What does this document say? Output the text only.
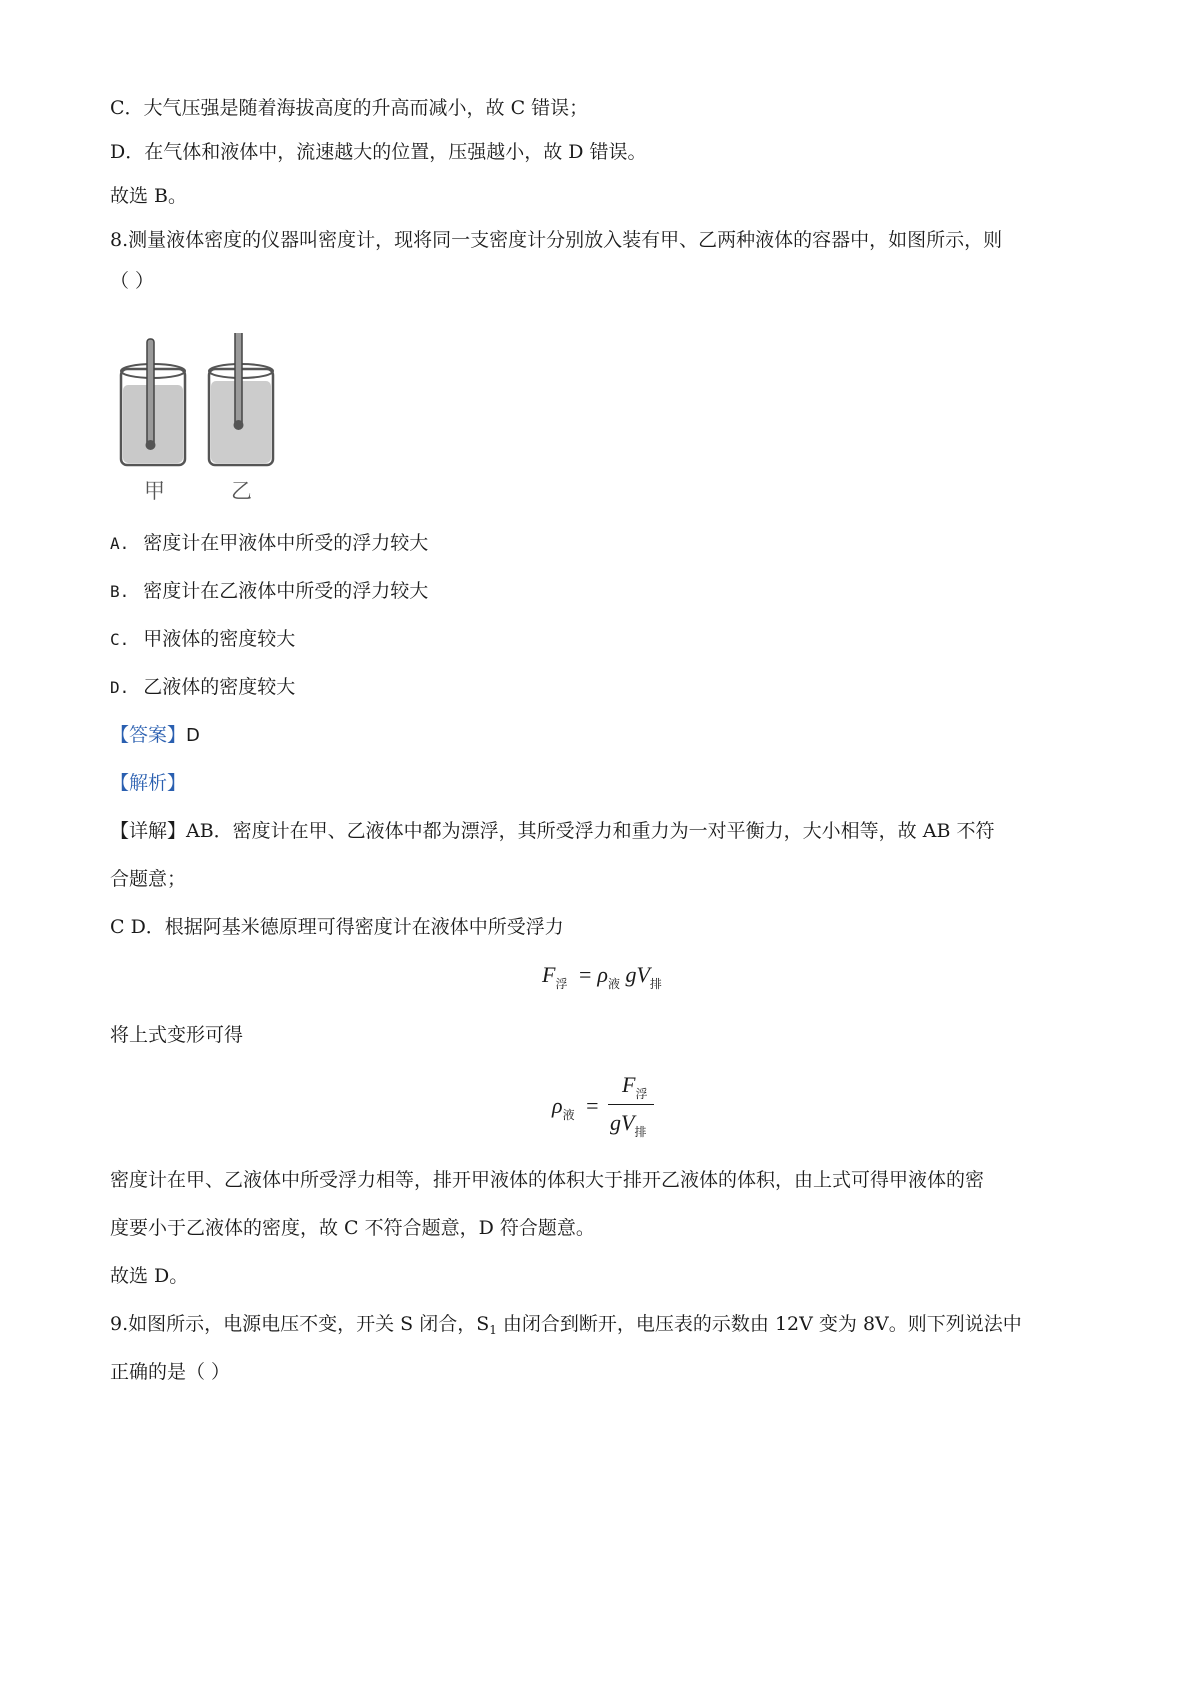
C．大气压强是随着海拔高度的升高而减小，故 C 错误；
D．在气体和液体中，流速越大的位置，压强越小，故 D 错误。
故选 B。
8.测量液体密度的仪器叫密度计，现将同一支密度计分别放入装有甲、乙两种液体的容器中，如图所示，则
（ ）
甲	乙
A. 密度计在甲液体中所受的浮力较大
B. 密度计在乙液体中所受的浮力较大
C. 甲液体的密度较大
D. 乙液体的密度较大
【答案】D
【解析】
【详解】AB．密度计在甲、乙液体中都为漂浮，其所受浮力和重力为一对平衡力，大小相等，故 AB 不符
合题意；
C D．根据阿基米德原理可得密度计在液体中所受浮力
$F_浮 = \rho_液$ $gV_排$
将上式变形可得
$\rho_液$ =
$F_浮$
$gV_排$
密度计在甲、乙液体中所受浮力相等，排开甲液体的体积大于排开乙液体的体积，由上式可得甲液体的密
度要小于乙液体的密度，故 C 不符合题意，D 符合题意。
故选 D。
9.如图所示，电源电压不变，开关 S 闭合，$S_1$ 由闭合到断开，电压表的示数由 12V 变为 8V。则下列说法中
正确的是（ ）
